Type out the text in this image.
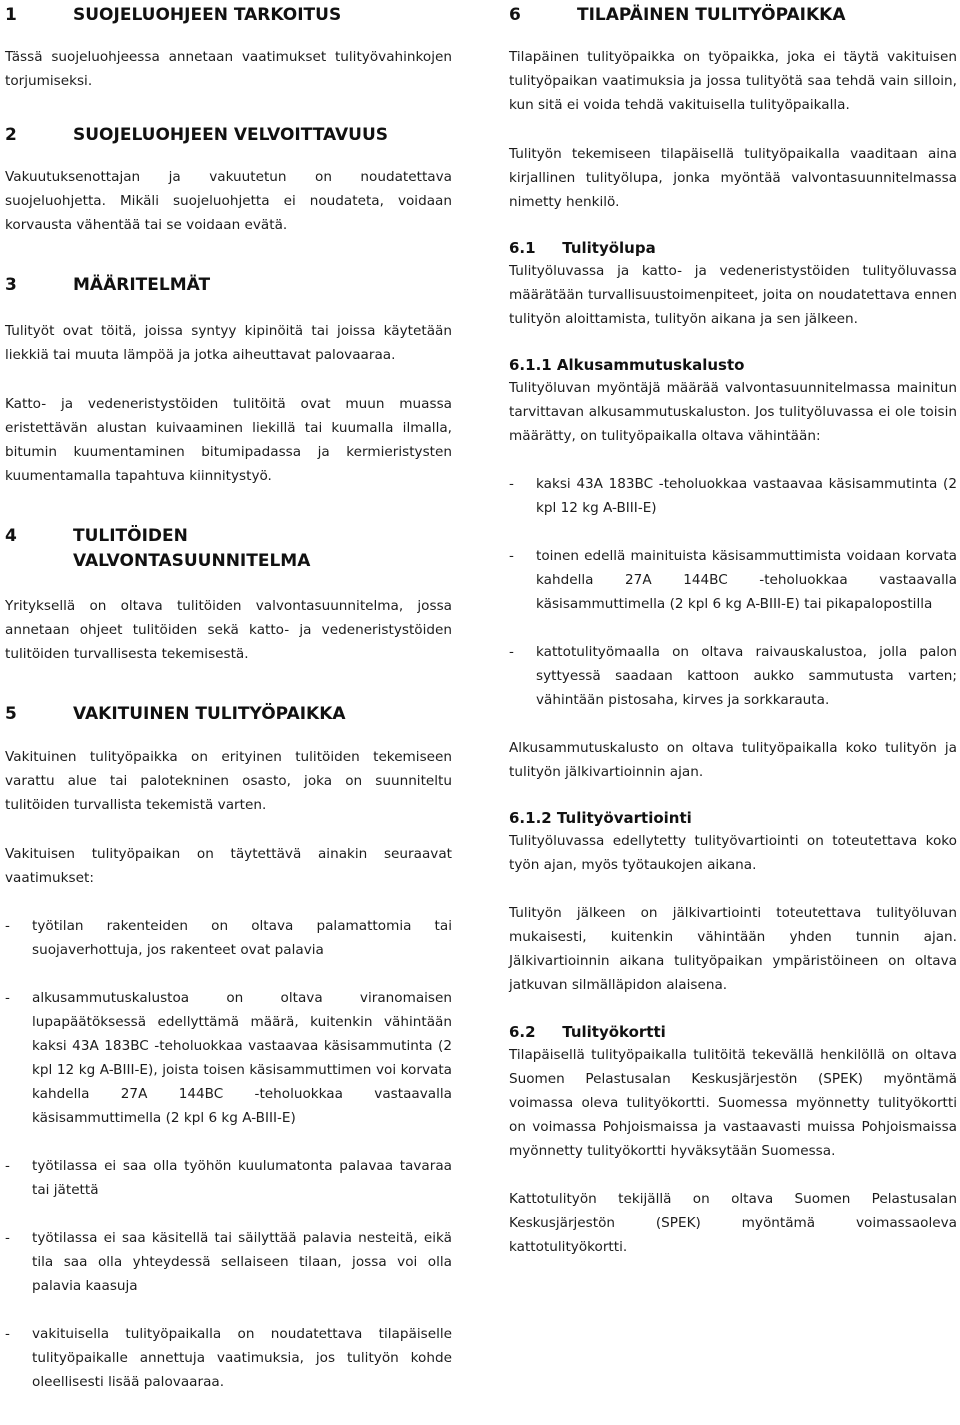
1	SUOJELUOHJEEN TARKOITUS

Tässä suojeluohjeessa annetaan vaatimukset tulityövahinkojen torjumiseksi.

2	SUOJELUOHJEEN VELVOITTAVUUS

Vakuutuksenottajan ja vakuutetun on noudatettava suojeluohjetta. Mikäli suojeluohjetta ei noudateta, voidaan korvausta vähentää tai se voidaan evätä.

3	MÄÄRITELMÄT

Tulityöt ovat töitä, joissa syntyy kipinöitä tai joissa käytetään liekkiä tai muuta lämpöä ja jotka aiheuttavat palovaaraa.

Katto- ja vedeneristystöiden tulitöitä ovat muun muassa eristettävän alustan kuivaaminen liekillä tai kuumalla ilmalla, bitumin kuumentaminen bitumipadassa ja kermieristysten kuumentamalla tapahtuva kiinnitystyö.

4	TULITÖIDEN
VALVONTASUUNNITELMA

Yrityksellä on oltava tulitöiden valvontasuunnitelma, jossa annetaan ohjeet tulitöiden sekä katto- ja vedeneristystöiden tulitöiden turvallisesta tekemisestä.

5	VAKITUINEN TULITYÖPAIKKA

Vakituinen tulityöpaikka on erityinen tulitöiden tekemiseen varattu alue tai palotekninen osasto, joka on suunniteltu tulitöiden turvallista tekemistä varten.

Vakituisen tulityöpaikan on täytettävä ainakin seuraavat vaatimukset:

-	työtilan rakenteiden on oltava palamattomia tai suojaverhottuja, jos rakenteet ovat palavia
-	alkusammutuskalustoa on oltava viranomaisen lupapäätöksessä edellyttämä määrä, kuitenkin vähintään kaksi 43A 183BC -teholuokkaa vastaavaa käsisammutinta (2 kpl 12 kg A-BIII-E), joista toisen käsisammuttimen voi korvata kahdella 27A 144BC -teholuokkaa vastaavalla käsisammuttimella (2 kpl 6 kg A-BIII-E)
-	työtilassa ei saa olla työhön kuulumatonta palavaa tavaraa tai jätettä
-	työtilassa ei saa käsitellä tai säilyttää palavia nesteitä, eikä tila saa olla yhteydessä sellaiseen tilaan, jossa voi olla palavia kaasuja
-	vakituisella tulityöpaikalla on noudatettava tilapäiselle tulityöpaikalle annettuja vaatimuksia, jos tulityön kohde oleellisesti lisää palovaaraa.
6	TILAPÄINEN TULITYÖPAIKKA

Tilapäinen tulityöpaikka on työpaikka, joka ei täytä vakituisen tulityöpaikan vaatimuksia ja jossa tulityötä saa tehdä vain silloin, kun sitä ei voida tehdä vakituisella tulityöpaikalla.

Tulityön tekemiseen tilapäisellä tulityöpaikalla vaaditaan aina kirjallinen tulityölupa, jonka myöntää valvontasuunnitelmassa nimetty henkilö.

6.1 Tulityölupa

Tulityöluvassa ja katto- ja vedeneristystöiden tulityöluvassa määrätään turvallisuustoimenpiteet, joita on noudatettava ennen tulityön aloittamista, tulityön aikana ja sen jälkeen.

6.1.1 Alkusammutuskalusto

Tulityöluvan myöntäjä määrää valvontasuunnitelmassa mainitun tarvittavan alkusammutuskaluston. Jos tulityöluvassa ei ole toisin määrätty, on tulityöpaikalla oltava vähintään:

-	kaksi 43A 183BC -teholuokkaa vastaavaa käsisammutinta (2 kpl 12 kg A-BIII-E)
-	toinen edellä mainituista käsisammuttimista voidaan korvata kahdella 27A 144BC -teholuokkaa vastaavalla käsisammuttimella (2 kpl 6 kg A-BIII-E) tai pikapalopostilla
-	kattotulityömaalla on oltava raivauskalustoa, jolla palon syttyessä saadaan kattoon aukko sammutusta varten; vähintään pistosaha, kirves ja sorkkarauta.

Alkusammutuskalusto on oltava tulityöpaikalla koko tulityön ja tulityön jälkivartioinnin ajan.

6.1.2 Tulityövartiointi

Tulityöluvassa edellytetty tulityövartiointi on toteutettava koko työn ajan, myös työtaukojen aikana.

Tulityön jälkeen on jälkivartiointi toteutettava tulityöluvan mukaisesti, kuitenkin vähintään yhden tunnin ajan. Jälkivartioinnin aikana tulityöpaikan ympäristöineen on oltava jatkuvan silmälläpidon alaisena.

6.2 Tulityökortti

Tilapäisellä tulityöpaikalla tulitöitä tekevällä henkilöllä on oltava Suomen Pelastusalan Keskusjärjestön (SPEK) myöntämä voimassa oleva tulityökortti. Suomessa myönnetty tulityökortti on voimassa Pohjoismaissa ja vastaavasti muissa Pohjoismaissa myönnetty tulityökortti hyväksytään Suomessa.

Kattotulityön tekijällä on oltava Suomen Pelastusalan Keskusjärjestön (SPEK) myöntämä voimassaoleva kattotulityökortti.
